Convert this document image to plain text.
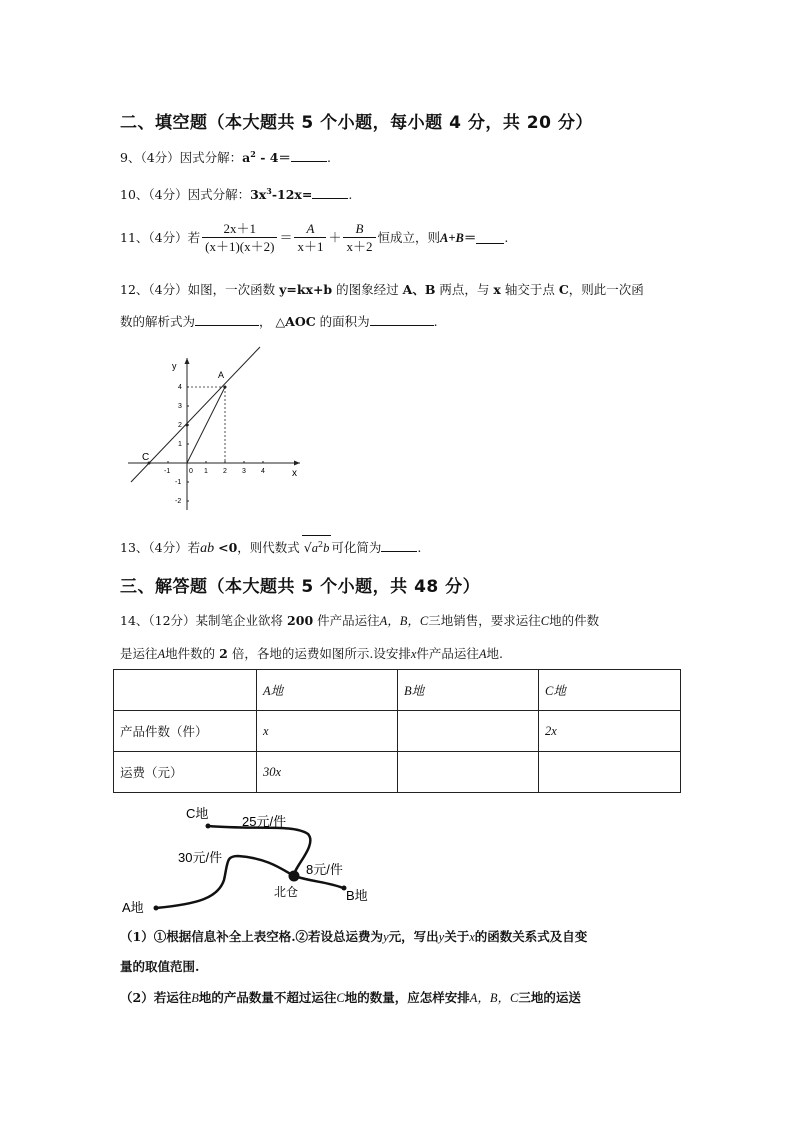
二、填空题（本大题共 5 个小题，每小题 4 分，共 20 分）
9、（4分）因式分解：$a^2 - 4=$	.
10、（4分）因式分解：$3x^3-12x=$	.
11、（4分）若 $\frac{2x+1}{(x+1)(x+2)} = \frac{A}{x+1} + \frac{B}{x+2}$ 恒成立，则 A+B ＝ .
12、（4分）如图，一次函数 y=kx+b 的图象经过 A、B 两点，与 x 轴交于点 C，则此一次函
数的解析式为	， △AOC 的面积为	.
y
x
A
C
-1	0 1 2 3 4
4
3
2
1
-1
-2
13、（4分）若ab <0，则代数式 $√a^2b$ 可化简为	.
三、解答题（本大题共 5 个小题，共 48 分）
14、（12分）某制笔企业欲将 200 件产品运往A，B，C三地销售，要求运往C地的件数
是运往A地件数的 2 倍，各地的运费如图所示.设安排x件产品运往A地.
	A地	B地	C地
产品件数（件）	x		2x
运费（元）	30x		
C地
25元/件
30元/件
8元/件
北仓	B地
A地
（1）①根据信息补全上表空格.②若设总运费为y元，写出y关于x的函数关系式及自变
量的取值范围.
（2）若运往B地的产品数量不超过运往C地的数量，应怎样安排A，B，C三地的运送
